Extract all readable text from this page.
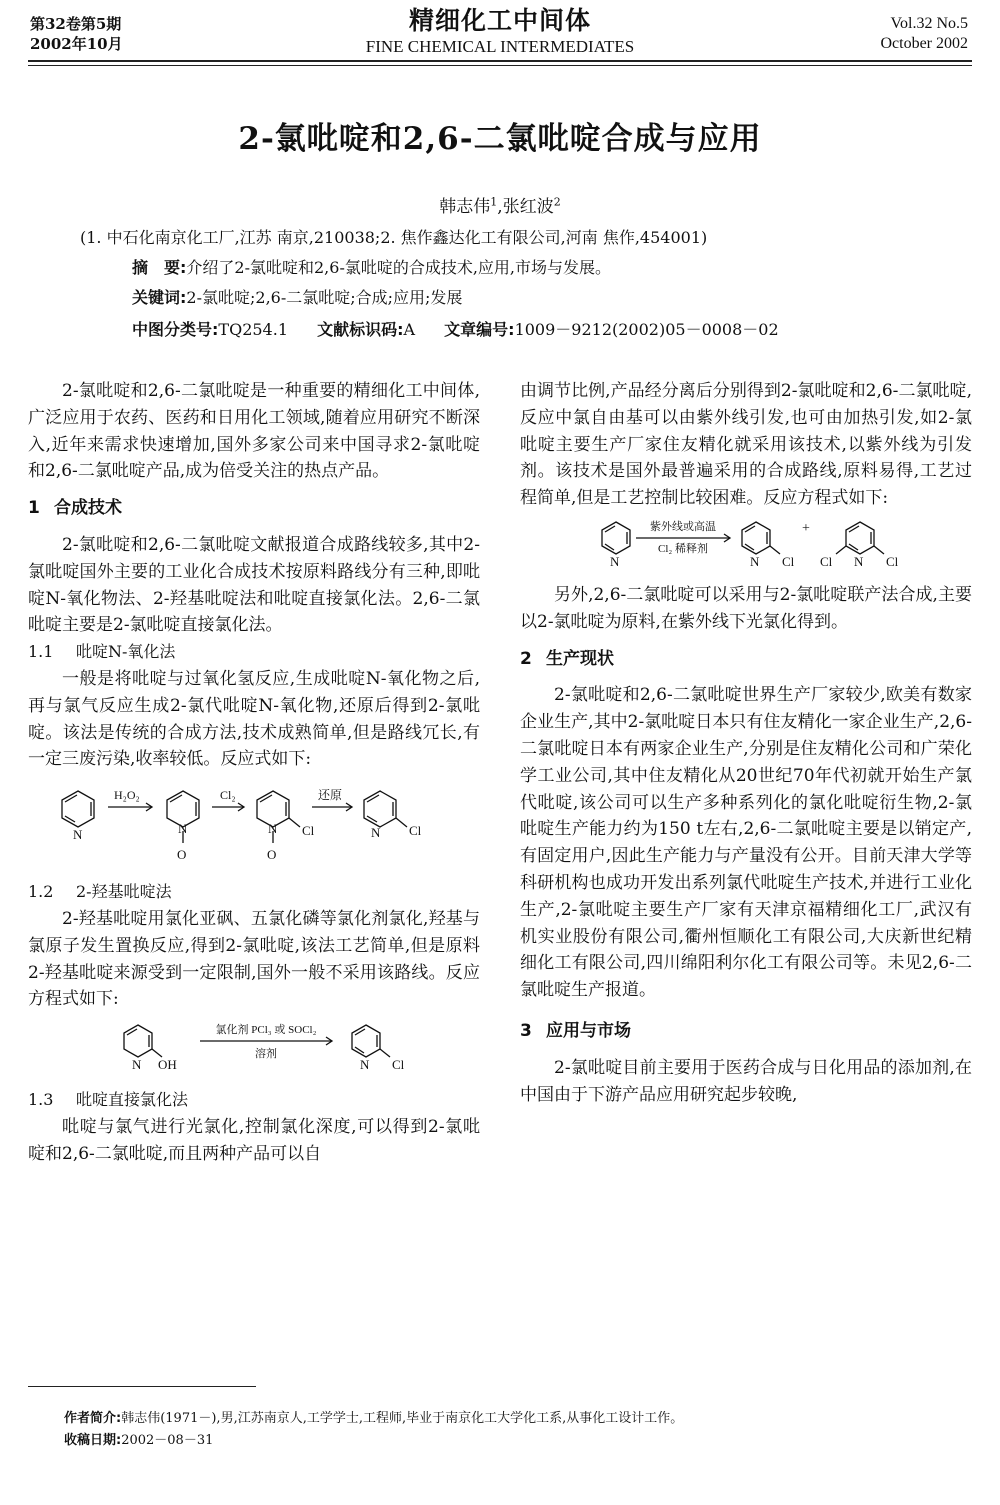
第32卷第5期
2002年10月
精细化工中间体
FINE CHEMICAL INTERMEDIATES
Vol.32 No.5
October 2002
2-氯吡啶和2,6-二氯吡啶合成与应用
韩志伟$^1$,张红波$^2$
(1. 中石化南京化工厂,江苏 南京,210038;2. 焦作鑫达化工有限公司,河南 焦作,454001)
摘　要:介绍了2-氯吡啶和2,6-氯吡啶的合成技术,应用,市场与发展。
关键词:2-氯吡啶;2,6-二氯吡啶;合成;应用;发展
中图分类号:TQ254.1 文献标识码:A 文章编号:1009－9212(2002)05－0008－02

2-氯吡啶和2,6-二氯吡啶是一种重要的精细化工中间体,广泛应用于农药、医药和日用化工领域,随着应用研究不断深入,近年来需求快速增加,国外多家公司来中国寻求2-氯吡啶和2,6-二氯吡啶产品,成为倍受关注的热点产品。

1 合成技术

2-氯吡啶和2,6-二氯吡啶文献报道合成路线较多,其中2-氯吡啶国外主要的工业化合成技术按原料路线分有三种,即吡啶N-氧化物法、2-羟基吡啶法和吡啶直接氯化法。2,6-二氯吡啶主要是2-氯吡啶直接氯化法。

1.1 吡啶N-氧化法

一般是将吡啶与过氧化氢反应,生成吡啶N-氧化物之后,再与氯气反应生成2-氯代吡啶N-氧化物,还原后得到2-氯吡啶。该法是传统的合成方法,技术成熟简单,但是路线冗长,有一定三废污染,收率较低。反应式如下:

N
H₂O₂
N
O
Cl₂
N Cl
O
还原
N Cl
1.2 2-羟基吡啶法

2-羟基吡啶用氯化亚砜、五氯化磷等氯化剂氯化,羟基与氯原子发生置换反应,得到2-氯吡啶,该法工艺简单,但是原料2-羟基吡啶来源受到一定限制,国外一般不采用该路线。反应方程式如下:

N OH
氯化剂 PCl₃ 或 SOCl₂
溶剂
N Cl
1.3 吡啶直接氯化法

吡啶与氯气进行光氯化,控制氯化深度,可以得到2-氯吡啶和2,6-二氯吡啶,而且两种产品可以自

由调节比例,产品经分离后分别得到2-氯吡啶和2,6-二氯吡啶,反应中氯自由基可以由紫外线引发,也可由加热引发,如2-氯吡啶主要生产厂家住友精化就采用该技术,以紫外线为引发剂。该技术是国外最普遍采用的合成路线,原料易得,工艺过程简单,但是工艺控制比较困难。反应方程式如下:

N
紫外线或高温
Cl₂ 稀释剂
N Cl
+
Cl N Cl

另外,2,6-二氯吡啶可以采用与2-氯吡啶联产法合成,主要以2-氯吡啶为原料,在紫外线下光氯化得到。

2 生产现状

2-氯吡啶和2,6-二氯吡啶世界生产厂家较少,欧美有数家企业生产,其中2-氯吡啶日本只有住友精化一家企业生产,2,6-二氯吡啶日本有两家企业生产,分别是住友精化公司和广荣化学工业公司,其中住友精化从20世纪70年代初就开始生产氯代吡啶,该公司可以生产多种系列化的氯化吡啶衍生物,2-氯吡啶生产能力约为150 t左右,2,6-二氯吡啶主要是以销定产,有固定用户,因此生产能力与产量没有公开。目前天津大学等科研机构也成功开发出系列氯代吡啶生产技术,并进行工业化生产,2-氯吡啶主要生产厂家有天津京福精细化工厂,武汉有机实业股份有限公司,衢州恒顺化工有限公司,大庆新世纪精细化工有限公司,四川绵阳利尔化工有限公司等。未见2,6-二氯吡啶生产报道。

3 应用与市场

2-氯吡啶目前主要用于医药合成与日化用品的添加剂,在中国由于下游产品应用研究起步较晚,

作者简介:韩志伟(1971－),男,江苏南京人,工学学士,工程师,毕业于南京化工大学化工系,从事化工设计工作。
收稿日期:2002－08－31
